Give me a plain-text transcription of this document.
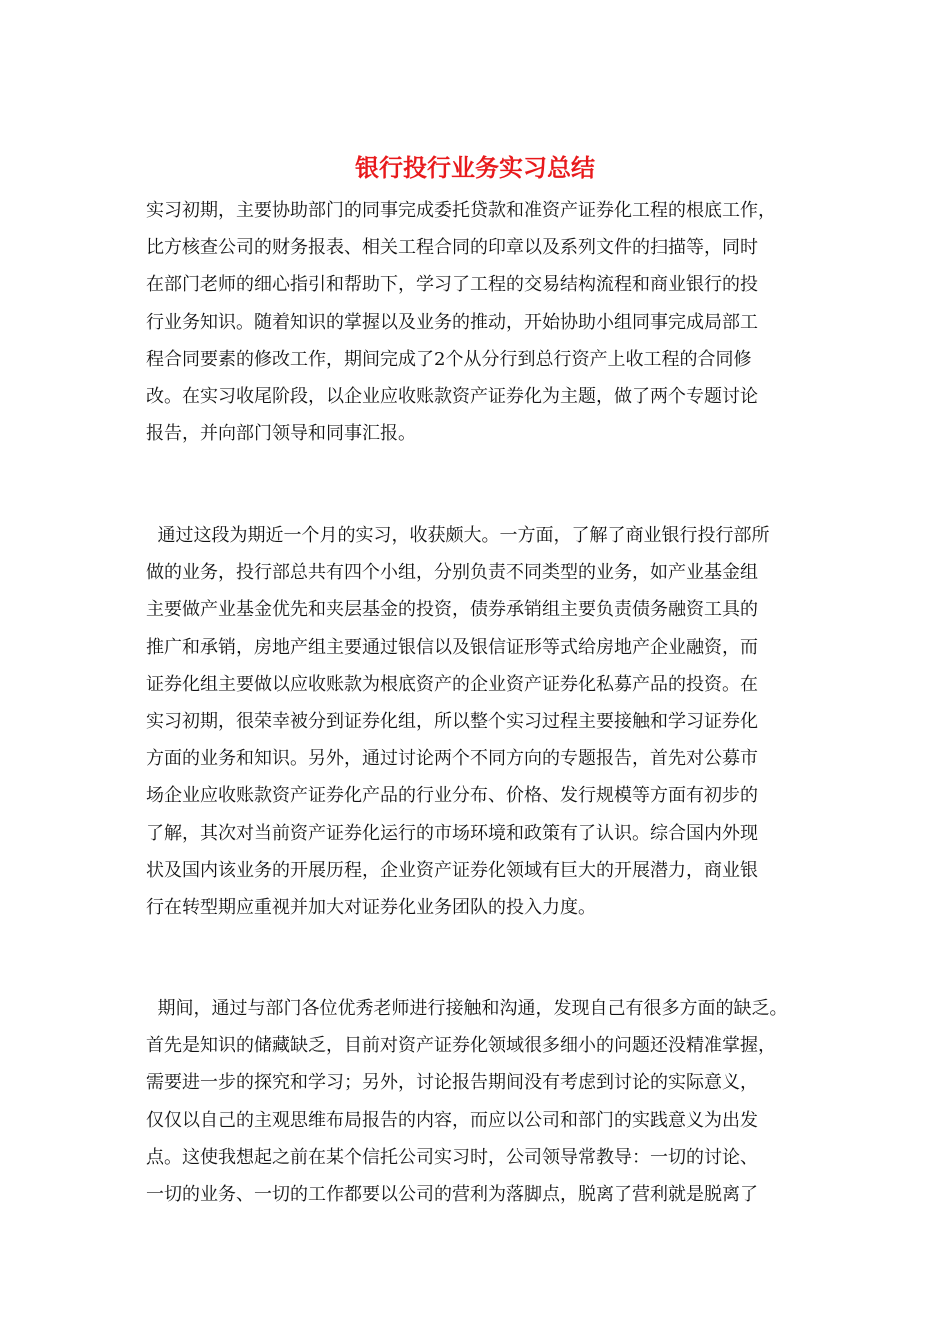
银行投行业务实习总结
实习初期，主要协助部门的同事完成委托贷款和准资产证券化工程的根底工作，
比方核查公司的财务报表、相关工程合同的印章以及系列文件的扫描等，同时
在部门老师的细心指引和帮助下，学习了工程的交易结构流程和商业银行的投
行业务知识。随着知识的掌握以及业务的推动，开始协助小组同事完成局部工
程合同要素的修改工作，期间完成了2个从分行到总行资产上收工程的合同修
改。在实习收尾阶段，以企业应收账款资产证券化为主题，做了两个专题讨论
报告，并向部门领导和同事汇报。
通过这段为期近一个月的实习，收获颇大。一方面，了解了商业银行投行部所
做的业务，投行部总共有四个小组，分别负责不同类型的业务，如产业基金组
主要做产业基金优先和夹层基金的投资，债券承销组主要负责债务融资工具的
推广和承销，房地产组主要通过银信以及银信证形等式给房地产企业融资，而
证券化组主要做以应收账款为根底资产的企业资产证券化私募产品的投资。在
实习初期，很荣幸被分到证券化组，所以整个实习过程主要接触和学习证券化
方面的业务和知识。另外，通过讨论两个不同方向的专题报告，首先对公募市
场企业应收账款资产证券化产品的行业分布、价格、发行规模等方面有初步的
了解，其次对当前资产证券化运行的市场环境和政策有了认识。综合国内外现
状及国内该业务的开展历程，企业资产证券化领域有巨大的开展潜力，商业银
行在转型期应重视并加大对证券化业务团队的投入力度。
期间，通过与部门各位优秀老师进行接触和沟通，发现自己有很多方面的缺乏。
首先是知识的储藏缺乏，目前对资产证券化领域很多细小的问题还没精准掌握，
需要进一步的探究和学习；另外，讨论报告期间没有考虑到讨论的实际意义，
仅仅以自己的主观思维布局报告的内容，而应以公司和部门的实践意义为出发
点。这使我想起之前在某个信托公司实习时，公司领导常教导：一切的讨论、
一切的业务、一切的工作都要以公司的营利为落脚点，脱离了营利就是脱离了
